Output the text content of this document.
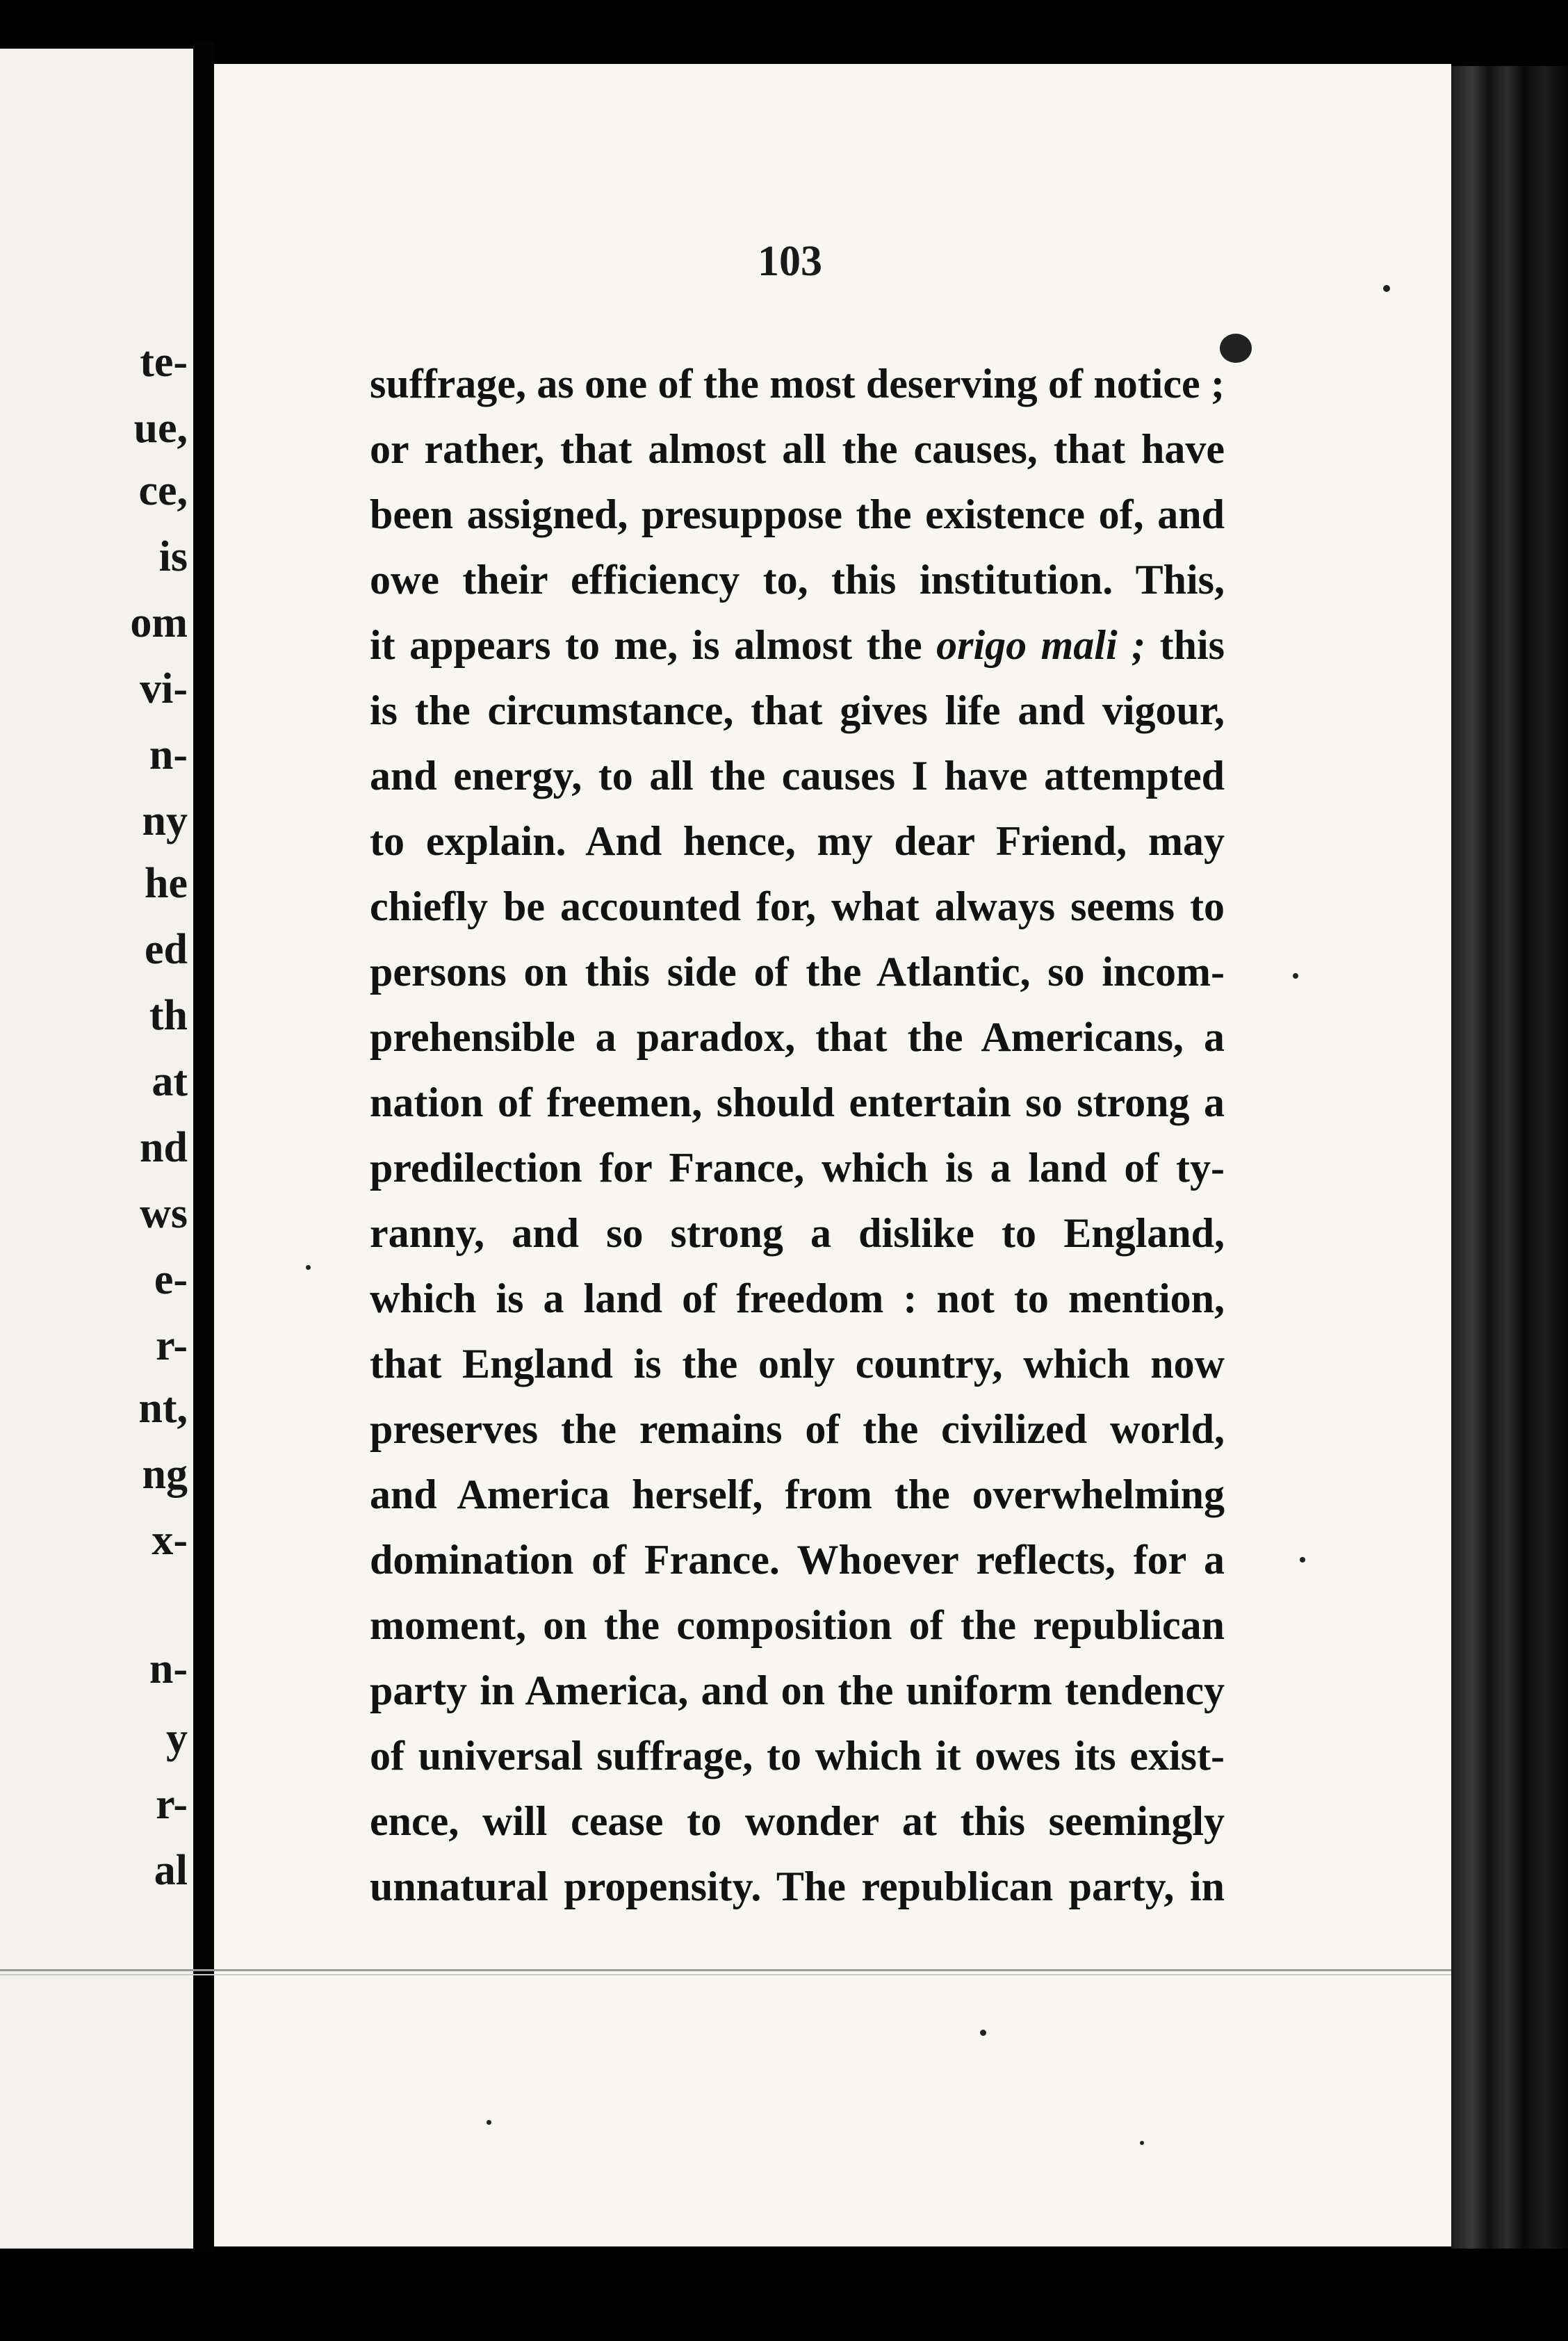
te-
ue,
ce,
is
om
vi-
n-
ny
he
ed
th
at
nd
ws
e-
r-
nt,
ng
x-
n-
y
r-
al
103
suffrage, as one of the most deserving of notice ;
or rather, that almost all the causes, that have
been assigned, presuppose the existence of, and
owe their efficiency to, this institution. This,
it appears to me, is almost the origo mali ; this
is the circumstance, that gives life and vigour,
and energy, to all the causes I have attempted
to explain. And hence, my dear Friend, may
chiefly be accounted for, what always seems to
persons on this side of the Atlantic, so incom-
prehensible a paradox, that the Americans, a
nation of freemen, should entertain so strong a
predilection for France, which is a land of ty-
ranny, and so strong a dislike to England,
which is a land of freedom : not to mention,
that England is the only country, which now
preserves the remains of the civilized world,
and America herself, from the overwhelming
domination of France. Whoever reflects, for a
moment, on the composition of the republican
party in America, and on the uniform tendency
of universal suffrage, to which it owes its exist-
ence, will cease to wonder at this seemingly
unnatural propensity. The republican party, in
